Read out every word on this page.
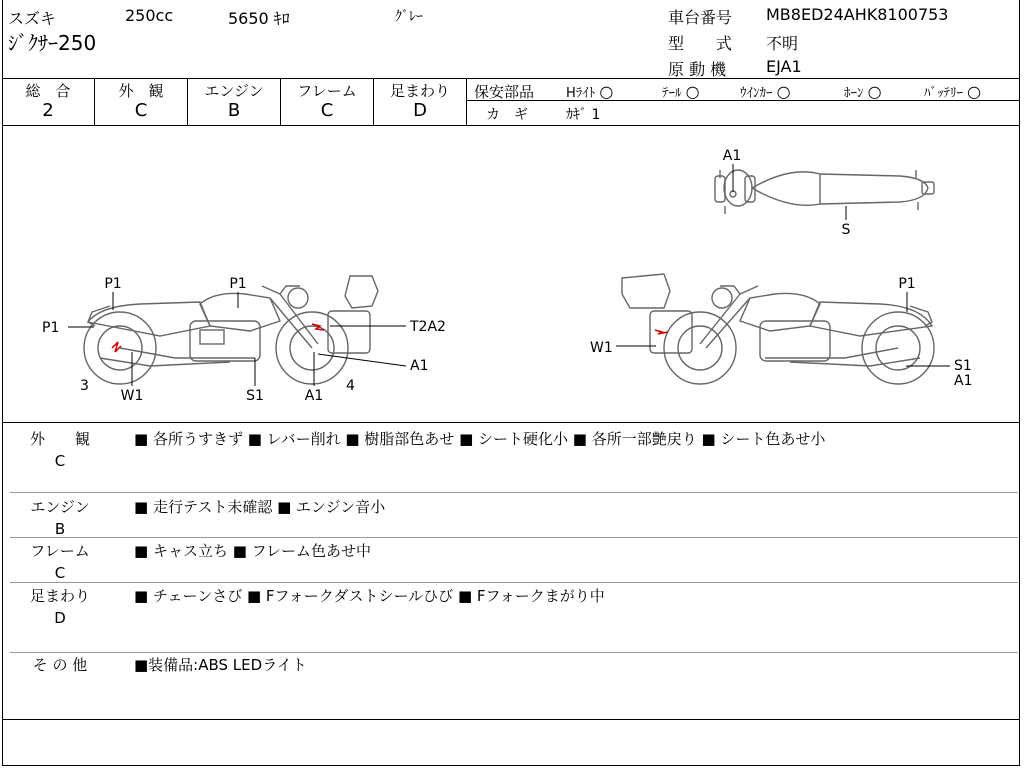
スズキ	250cc	5650 ｷﾛ	ｸﾞﾚｰ
ｼﾞｸｻｰ250
車台番号 MB8ED24AHK8100753
型　　式 不明
原 動 機 EJA1
総　合
2
外　観
C
エンジン
B
フレーム
C
足まわり
D
保安部品 Hﾗｲﾄ ○	ﾃｰﾙ ○	ｳｲﾝｶｰ ○	ﾎｰﾝ ○	ﾊﾞｯﾃﾘｰ ○
カ　ギ	ｶｷﾞ 1
A1
S
P1	P1
P1	T2A2
A1
3	4
W1	S1	A1
W1
P1
S1
A1
外　　観
C
■ 各所うすきず ■ レバー削れ ■ 樹脂部色あせ ■ シート硬化小 ■ 各所一部艶戻り ■ シート色あせ小
エンジン
B
■ 走行テスト未確認 ■ エンジン音小
フレーム
C
■ キャス立ち ■ フレーム色あせ中
足まわり
D
■ チェーンさび ■ Fフォークダストシールひび ■ Fフォークまがり中
そ の 他	■装備品:ABS LEDライト
